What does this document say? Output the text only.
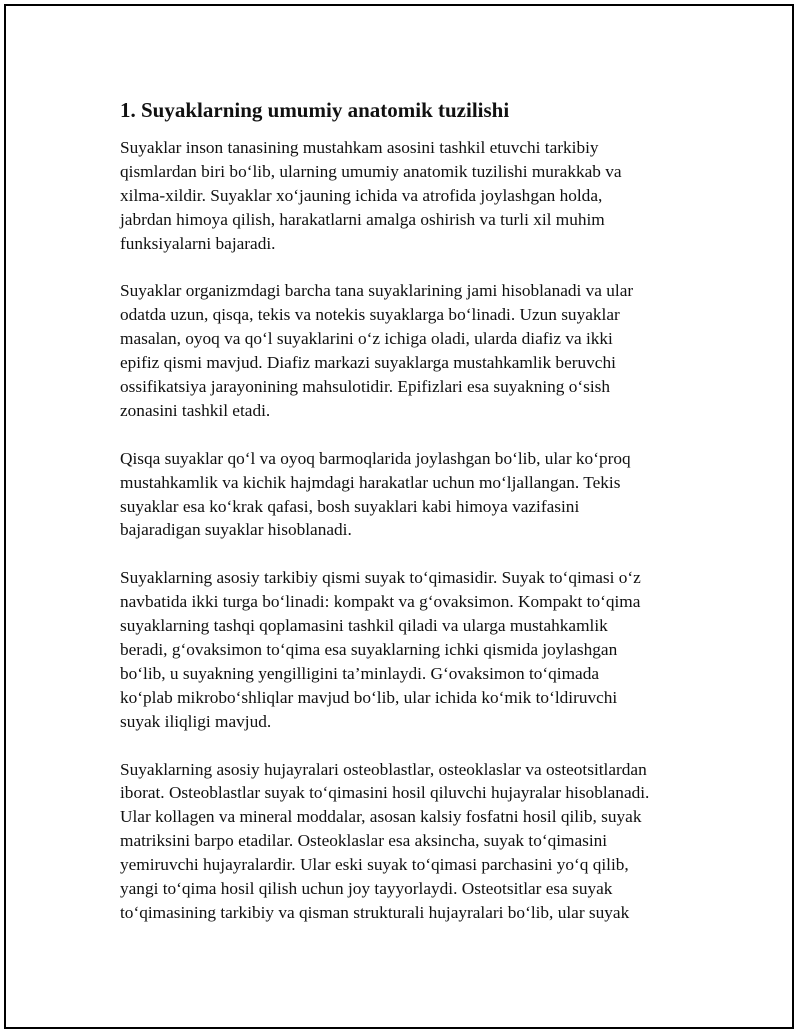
1. Suyaklarning umumiy anatomik tuzilishi

Suyaklar inson tanasining mustahkam asosini tashkil etuvchi tarkibiy
qismlardan biri bo‘lib, ularning umumiy anatomik tuzilishi murakkab va
xilma-xildir. Suyaklar xo‘jauning ichida va atrofida joylashgan holda,
jabrdan himoya qilish, harakatlarni amalga oshirish va turli xil muhim
funksiyalarni bajaradi.

Suyaklar organizmdagi barcha tana suyaklarining jami hisoblanadi va ular
odatda uzun, qisqa, tekis va notekis suyaklarga bo‘linadi. Uzun suyaklar
masalan, oyoq va qo‘l suyaklarini o‘z ichiga oladi, ularda diafiz va ikki
epifiz qismi mavjud. Diafiz markazi suyaklarga mustahkamlik beruvchi
ossifikatsiya jarayonining mahsulotidir. Epifizlari esa suyakning o‘sish
zonasini tashkil etadi.

Qisqa suyaklar qo‘l va oyoq barmoqlarida joylashgan bo‘lib, ular ko‘proq
mustahkamlik va kichik hajmdagi harakatlar uchun mo‘ljallangan. Tekis
suyaklar esa ko‘krak qafasi, bosh suyaklari kabi himoya vazifasini
bajaradigan suyaklar hisoblanadi.

Suyaklarning asosiy tarkibiy qismi suyak to‘qimasidir. Suyak to‘qimasi o‘z
navbatida ikki turga bo‘linadi: kompakt va g‘ovaksimon. Kompakt to‘qima
suyaklarning tashqi qoplamasini tashkil qiladi va ularga mustahkamlik
beradi, g‘ovaksimon to‘qima esa suyaklarning ichki qismida joylashgan
bo‘lib, u suyakning yengilligini ta’minlaydi. G‘ovaksimon to‘qimada
ko‘plab mikrobo‘shliqlar mavjud bo‘lib, ular ichida ko‘mik to‘ldiruvchi
suyak iliqligi mavjud.

Suyaklarning asosiy hujayralari osteoblastlar, osteoklaslar va osteotsitlardan
iborat. Osteoblastlar suyak to‘qimasini hosil qiluvchi hujayralar hisoblanadi.
Ular kollagen va mineral moddalar, asosan kalsiy fosfatni hosil qilib, suyak
matriksini barpo etadilar. Osteoklaslar esa aksincha, suyak to‘qimasini
yemiruvchi hujayralardir. Ular eski suyak to‘qimasi parchasini yo‘q qilib,
yangi to‘qima hosil qilish uchun joy tayyorlaydi. Osteotsitlar esa suyak
to‘qimasining tarkibiy va qisman strukturali hujayralari bo‘lib, ular suyak
